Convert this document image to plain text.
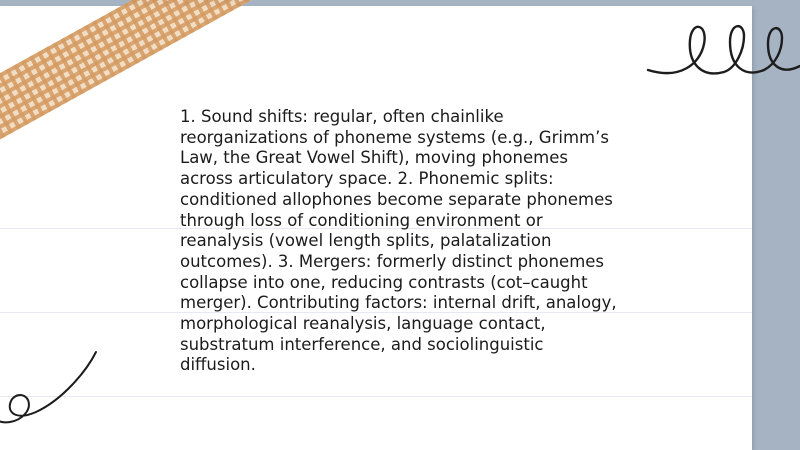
1. Sound shifts: regular, often chainlike reorganizations of phoneme systems (e.g., Grimm’s Law, the Great Vowel Shift), moving phonemes across articulatory space. 2. Phonemic splits: conditioned allophones become separate phonemes through loss of conditioning environment or reanalysis (vowel length splits, palatalization outcomes). 3. Mergers: formerly distinct phonemes collapse into one, reducing contrasts (cot–caught merger). Contributing factors: internal drift, analogy, morphological reanalysis, language contact, substratum interference, and sociolinguistic diffusion.
